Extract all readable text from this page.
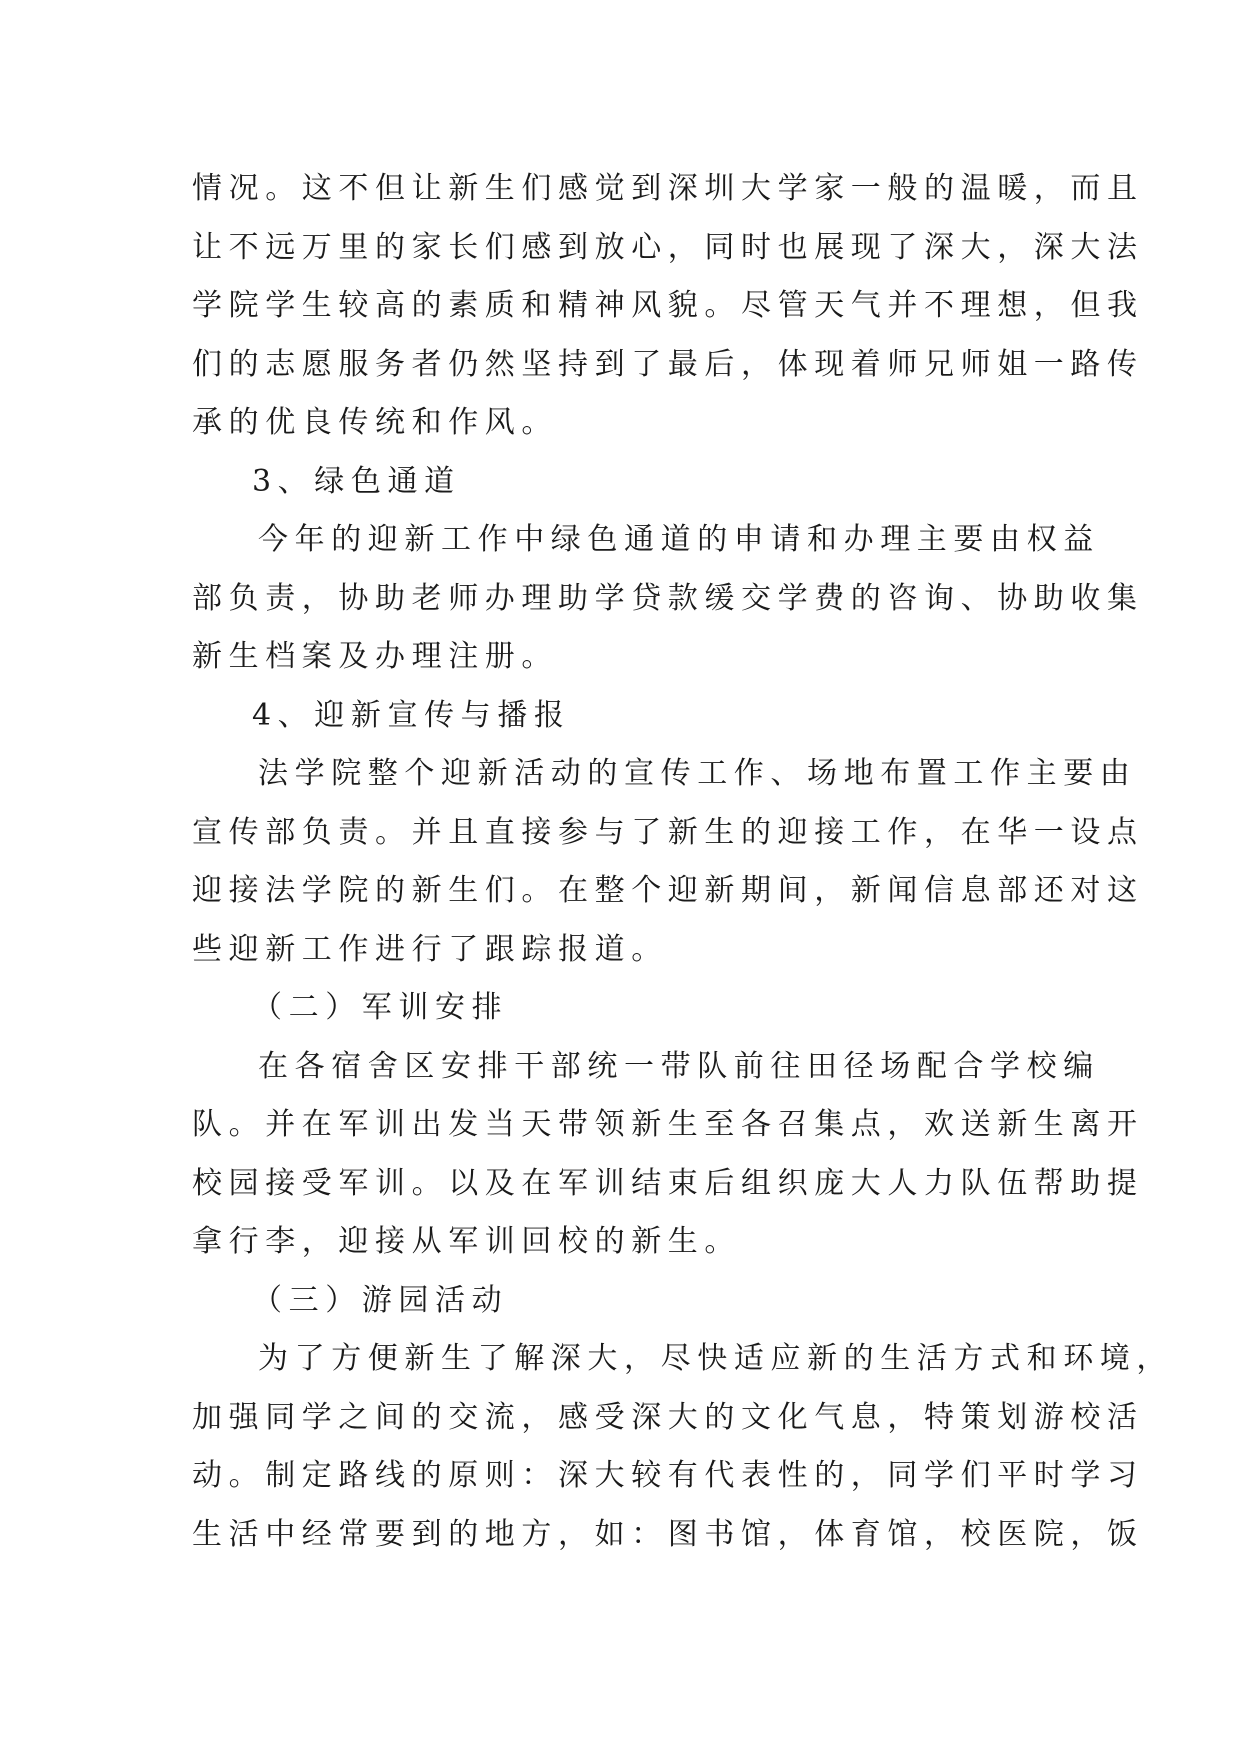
情况。这不但让新生们感觉到深圳大学家一般的温暖，而且
让不远万里的家长们感到放心，同时也展现了深大，深大法
学院学生较高的素质和精神风貌。尽管天气并不理想，但我
们的志愿服务者仍然坚持到了最后，体现着师兄师姐一路传
承的优良传统和作风。
3、绿色通道
今年的迎新工作中绿色通道的申请和办理主要由权益
部负责，协助老师办理助学贷款缓交学费的咨询、协助收集
新生档案及办理注册。
4、迎新宣传与播报
法学院整个迎新活动的宣传工作、场地布置工作主要由
宣传部负责。并且直接参与了新生的迎接工作，在华一设点
迎接法学院的新生们。在整个迎新期间，新闻信息部还对这
些迎新工作进行了跟踪报道。
（二）军训安排
在各宿舍区安排干部统一带队前往田径场配合学校编
队。并在军训出发当天带领新生至各召集点，欢送新生离开
校园接受军训。以及在军训结束后组织庞大人力队伍帮助提
拿行李，迎接从军训回校的新生。
（三）游园活动
为了方便新生了解深大，尽快适应新的生活方式和环境，
加强同学之间的交流，感受深大的文化气息，特策划游校活
动。制定路线的原则：深大较有代表性的，同学们平时学习
生活中经常要到的地方，如：图书馆，体育馆，校医院，饭
